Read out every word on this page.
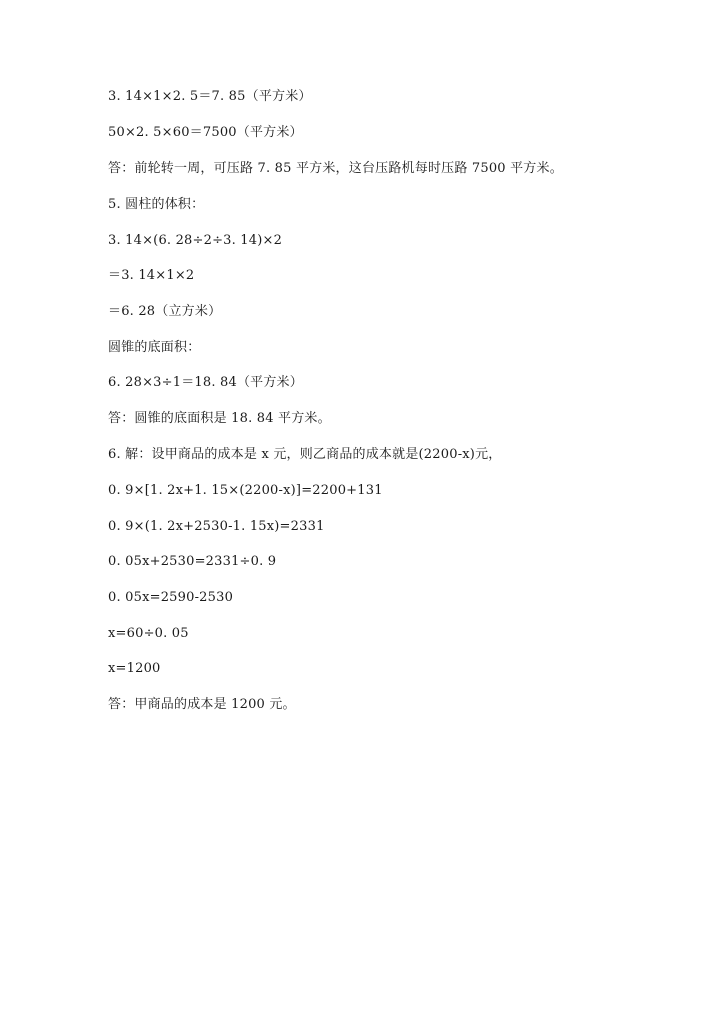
3. 14×1×2. 5＝7. 85（平方米）
50×2. 5×60＝7500（平方米）
答：前轮转一周，可压路 7. 85 平方米，这台压路机每时压路 7500 平方米。
5. 圆柱的体积：
3. 14×(6. 28÷2÷3. 14)×2
＝3. 14×1×2
＝6. 28（立方米）
圆锥的底面积：
6. 28×3÷1＝18. 84（平方米）
答：圆锥的底面积是 18. 84 平方米。
6. 解：设甲商品的成本是 x 元，则乙商品的成本就是(2200-x)元，
0. 9×[1. 2x+1. 15×(2200-x)]=2200+131
0. 9×(1. 2x+2530-1. 15x)=2331
0. 05x+2530=2331÷0. 9
0. 05x=2590-2530
x=60÷0. 05
x=1200
答：甲商品的成本是 1200 元。
